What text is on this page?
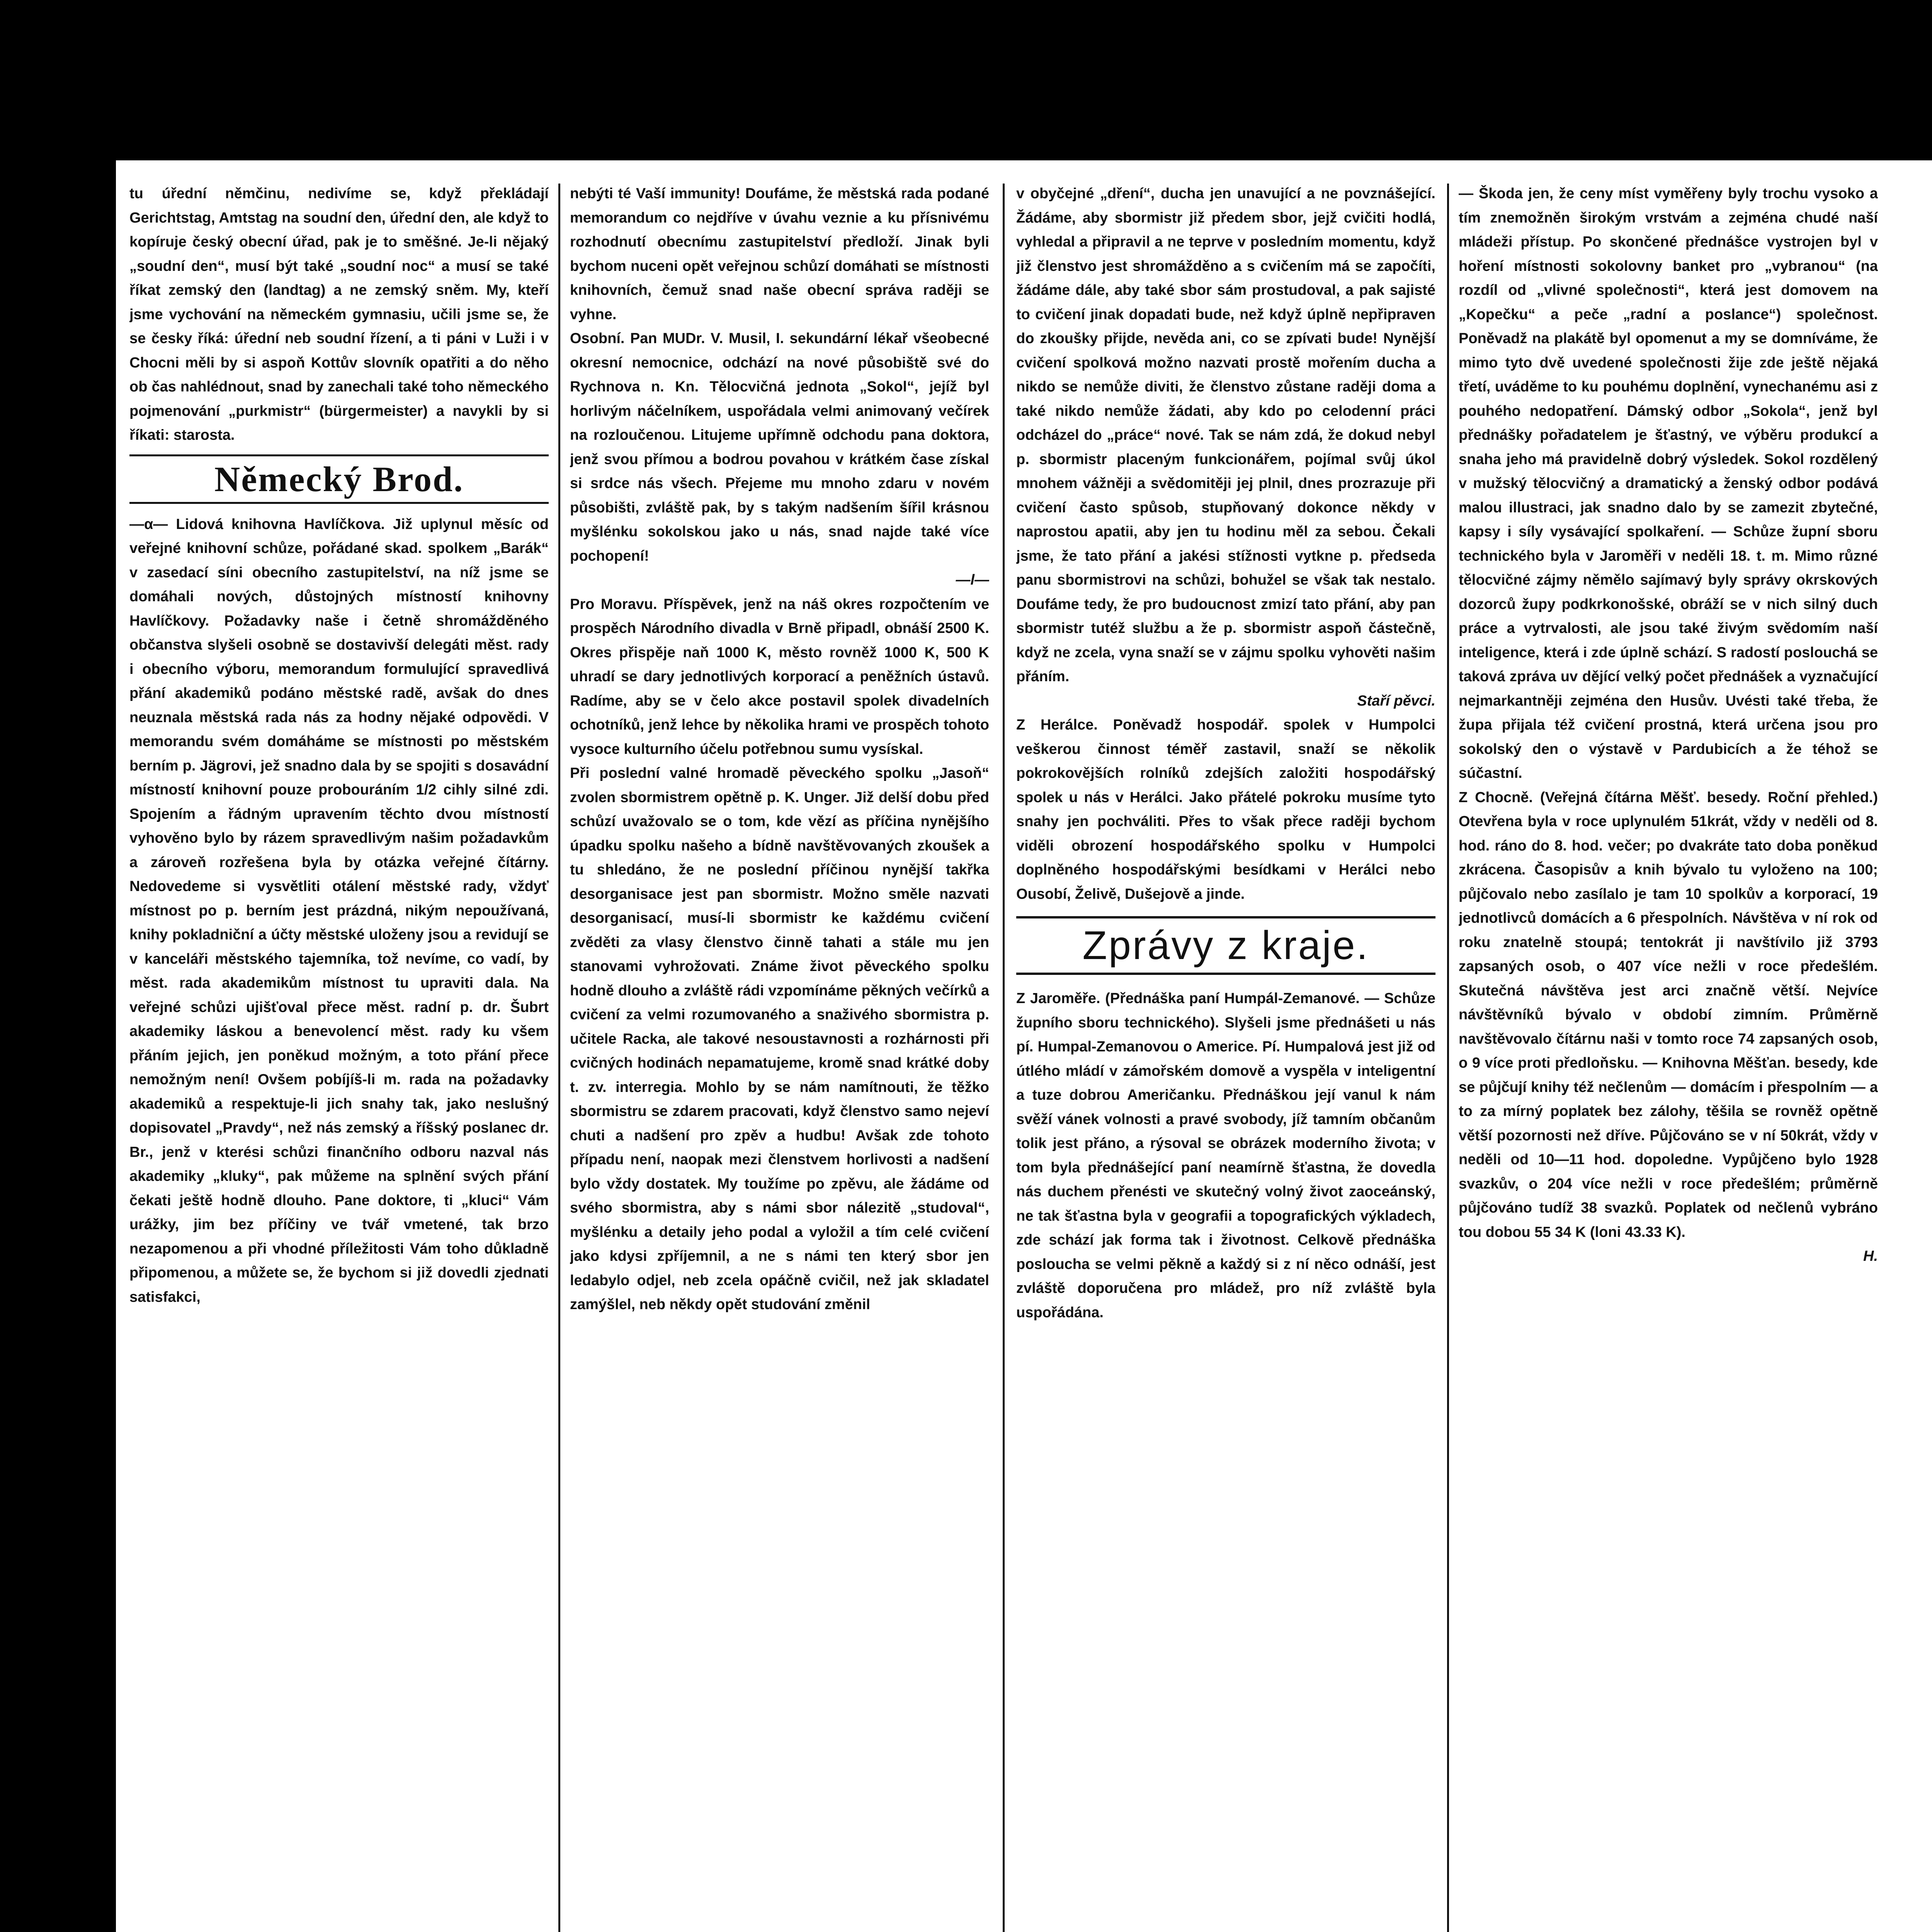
tu úřední němčinu, nedivíme se, když překládají Gerichtstag, Amtstag na soudní den, úřední den, ale když to kopíruje český obecní úřad, pak je to směšné. Je-li nějaký „soudní den“, musí být také „soudní noc“ a musí se také říkat zemský den (landtag) a ne zemský sněm. My, kteří jsme vychování na německém gymnasiu, učili jsme se, že se česky říká: úřední neb soudní řízení, a ti páni v Luži i v Chocni měli by si aspoň Kottův slovník opatřiti a do něho ob čas nahlédnout, snad by zanechali také toho německého pojmenování „purkmistr“ (bürgermeister) a navykli by si říkati: starosta.

Německý Brod.

—α— Lidová knihovna Havlíčkova. Již uplynul měsíc od veřejné knihovní schůze, pořádané skad. spolkem „Barák“ v zasedací síni obecního zastupitelství, na níž jsme se domáhali nových, důstojných místností knihovny Havlíčkovy. Požadavky naše i četně shromážděného občanstva slyšeli osobně se dostavivší delegáti měst. rady i obecního výboru, memorandum formulující spravedlivá přání akademiků podáno městské radě, avšak do dnes neuznala městská rada nás za hodny nějaké odpovědi. V memorandu svém domáháme se místnosti po městském berním p. Jägrovi, jež snadno dala by se spojiti s dosavádní místností knihovní pouze probouráním 1/2 cihly silné zdi. Spojením a řádným upravením těchto dvou místností vyhověno bylo by rázem spravedlivým našim požadavkům a zároveň rozřešena byla by otázka veřejné čítárny. Nedovedeme si vysvětliti otálení městské rady, vždyť místnost po p. berním jest prázdná, nikým nepoužívaná, knihy pokladniční a účty městské uloženy jsou a revidují se v kanceláři městského tajemníka, tož nevíme, co vadí, by měst. rada akademikům místnost tu upraviti dala. Na veřejné schůzi ujišťoval přece měst. radní p. dr. Šubrt akademiky láskou a benevolencí měst. rady ku všem přáním jejich, jen poněkud možným, a toto přání přece nemožným není! Ovšem pobíjíš-li m. rada na požadavky akademiků a respektuje-li jich snahy tak, jako neslušný dopisovatel „Pravdy“, než nás zemský a říšský poslanec dr. Br., jenž v kterési schůzi finančního odboru nazval nás akademiky „kluky“, pak můžeme na splnění svých přání čekati ještě hodně dlouho. Pane doktore, ti „kluci“ Vám urážky, jim bez příčiny ve tvář vmetené, tak brzo nezapomenou a při vhodné příležitosti Vám toho důkladně připomenou, a můžete se, že bychom si již dovedli zjednati satisfakci,

nebýti té Vaší immunity! Doufáme, že městská rada podané memorandum co nejdříve v úvahu veznie a ku přísnivému rozhodnutí obecnímu zastupitelství předloží. Jinak byli bychom nuceni opět veřejnou schůzí domáhati se místnosti knihovních, čemuž snad naše obecní správa raději se vyhne.

Osobní. Pan MUDr. V. Musil, I. sekundární lékař všeobecné okresní nemocnice, odchází na nové působiště své do Rychnova n. Kn. Tělocvičná jednota „Sokol“, jejíž byl horlivým náčelníkem, uspořádala velmi animovaný večírek na rozloučenou. Litujeme upřímně odchodu pana doktora, jenž svou přímou a bodrou povahou v krátkém čase získal si srdce nás všech. Přejeme mu mnoho zdaru v novém působišti, zvláště pak, by s takým nadšením šířil krásnou myšlénku sokolskou jako u nás, snad najde také více pochopení!

—l—

Pro Moravu. Příspěvek, jenž na náš okres rozpočtením ve prospěch Národního divadla v Brně připadl, obnáší 2500 K. Okres přispěje naň 1000 K, město rovněž 1000 K, 500 K uhradí se dary jednotlivých korporací a peněžních ústavů. Radíme, aby se v čelo akce postavil spolek divadelních ochotníků, jenž lehce by několika hrami ve prospěch tohoto vysoce kulturního účelu potřebnou sumu vysískal.

Při poslední valné hromadě pěveckého spolku „Jasoň“ zvolen sbormistrem opětně p. K. Unger. Již delší dobu před schůzí uvažovalo se o tom, kde vězí as příčina nynějšího úpadku spolku našeho a bídně navštěvovaných zkoušek a tu shledáno, že ne poslední příčinou nynější takřka desorganisace jest pan sbormistr. Možno směle nazvati desorganisací, musí-li sbormistr ke každému cvičení zvěděti za vlasy členstvo činně tahati a stále mu jen stanovami vyhrožovati. Známe život pěveckého spolku hodně dlouho a zvláště rádi vzpomínáme pěkných večírků a cvičení za velmi rozumovaného a snaživého sbormistra p. učitele Racka, ale takové nesoustavnosti a rozhárnosti při cvičných hodinách nepamatujeme, kromě snad krátké doby t. zv. interregia. Mohlo by se nám namítnouti, že těžko sbormistru se zdarem pracovati, když členstvo samo nejeví chuti a nadšení pro zpěv a hudbu! Avšak zde tohoto případu není, naopak mezi členstvem horlivosti a nadšení bylo vždy dostatek. My toužíme po zpěvu, ale žádáme od svého sbormistra, aby s námi sbor nálezitě „studoval“, myšlénku a detaily jeho podal a vyložil a tím celé cvičení jako kdysi zpříjemnil, a ne s námi ten který sbor jen ledabylo odjel, neb zcela opáčně cvičil, než jak skladatel zamýšlel, neb někdy opět studování změnil

v obyčejné „dření“, ducha jen unavující a ne povznášející. Žádáme, aby sbormistr již předem sbor, jejž cvičiti hodlá, vyhledal a připravil a ne teprve v posledním momentu, když již členstvo jest shromážděno a s cvičením má se započíti, žádáme dále, aby také sbor sám prostudoval, a pak sajisté to cvičení jinak dopadati bude, než když úplně nepřipraven do zkoušky přijde, nevěda ani, co se zpívati bude! Nynější cvičení spolková možno nazvati prostě mořením ducha a nikdo se nemůže diviti, že členstvo zůstane raději doma a také nikdo nemůže žádati, aby kdo po celodenní práci odcházel do „práce“ nové. Tak se nám zdá, že dokud nebyl p. sbormistr placeným funkcionářem, pojímal svůj úkol mnohem vážněji a svědomitěji jej plnil, dnes prozrazuje při cvičení často spůsob, stupňovaný dokonce někdy v naprostou apatii, aby jen tu hodinu měl za sebou. Čekali jsme, že tato přání a jakési stížnosti vytkne p. předseda panu sbormistrovi na schůzi, bohužel se však tak nestalo. Doufáme tedy, že pro budoucnost zmizí tato přání, aby pan sbormistr tutéž službu a že p. sbormistr aspoň částečně, když ne zcela, vyna snaží se v zájmu spolku vyhověti našim přáním.

Staří pěvci.

Z Herálce. Poněvadž hospodář. spolek v Humpolci veškerou činnost téměř zastavil, snaží se několik pokrokovějších rolníků zdejších založiti hospodářský spolek u nás v Herálci. Jako přátelé pokroku musíme tyto snahy jen pochváliti. Přes to však přece raději bychom viděli obrození hospodářského spolku v Humpolci doplněného hospodářskými besídkami v Herálci nebo Ousobí, Želivě, Dušejově a jinde.

Zprávy z kraje.

Z Jaroměře. (Přednáška paní Humpál-Zemanové. — Schůze župního sboru technického). Slyšeli jsme přednášeti u nás pí. Humpal-Zemanovou o Americe. Pí. Humpalová jest již od útlého mládí v zámořském domově a vyspěla v inteligentní a tuze dobrou Američanku. Přednáškou její vanul k nám svěží vánek volnosti a pravé svobody, jíž tamním občanům tolik jest přáno, a rýsoval se obrázek moderního života; v tom byla přednášející paní neamírně šťastna, že dovedla nás duchem přenésti ve skutečný volný život zaoceánský, ne tak šťastna byla v geografii a topografických výkladech, zde schází jak forma tak i životnost. Celkově přednáška posloucha se velmi pěkně a každý si z ní něco odnáší, jest zvláště doporučena pro mládež, pro níž zvláště byla uspořádána.

— Škoda jen, že ceny míst vyměřeny byly trochu vysoko a tím znemožněn širokým vrstvám a zejména chudé naší mládeži přístup. Po skončené přednášce vystrojen byl v hoření místnosti sokolovny banket pro „vybranou“ (na rozdíl od „vlivné společnosti“, která jest domovem na „Kopečku“ a peče „radní a poslance“) společnost. Poněvadž na plakátě byl opomenut a my se domníváme, že mimo tyto dvě uvedené společnosti žije zde ještě nějaká třetí, uváděme to ku pouhému doplnění, vynechanému asi z pouhého nedopatření. Dámský odbor „Sokola“, jenž byl přednášky pořadatelem je šťastný, ve výběru produkcí a snaha jeho má pravidelně dobrý výsledek. Sokol rozdělený v mužský tělocvičný a dramatický a ženský odbor podává malou illustraci, jak snadno dalo by se zamezit zbytečné, kapsy i síly vysávající spolkaření. — Schůze župní sboru technického byla v Jaroměři v neděli 18. t. m. Mimo různé tělocvičné zájmy němělo sajímavý byly správy okrskových dozorců župy podkrkonošské, obráží se v nich silný duch práce a vytrvalosti, ale jsou také živým svědomím naší inteligence, která i zde úplně schází. S radostí poslouchá se taková zpráva uv dějící velký počet přednášek a vyznačující nejmarkantněji zejména den Husův. Uvésti také třeba, že župa přijala též cvičení prostná, která určena jsou pro sokolský den o výstavě v Pardubicích a že téhož se súčastní.

Z Chocně. (Veřejná čítárna Měšť. besedy. Roční přehled.) Otevřena byla v roce uplynulém 51krát, vždy v neděli od 8. hod. ráno do 8. hod. večer; po dvakráte tato doba poněkud zkrácena. Časopisův a knih bývalo tu vyloženo na 100; půjčovalo nebo zasílalo je tam 10 spolkův a korporací, 19 jednotlivců domácích a 6 přespolních. Návštěva v ní rok od roku znatelně stoupá; tentokrát ji navštívilo již 3793 zapsaných osob, o 407 více nežli v roce předešlém. Skutečná návštěva jest arci značně větší. Nejvíce návštěvníků bývalo v období zimním. Průměrně navštěvovalo čítárnu naši v tomto roce 74 zapsaných osob, o 9 více proti předloňsku. — Knihovna Měšťan. besedy, kde se půjčují knihy též nečlenům — domácím i přespolním — a to za mírný poplatek bez zálohy, těšila se rovněž opětně větší pozornosti než dříve. Půjčováno se v ní 50krát, vždy v neděli od 10—11 hod. dopoledne. Vypůjčeno bylo 1928 svazkův, o 204 více nežli v roce předešlém; průměrně půjčováno tudíž 38 svazků. Poplatek od nečlenů vybráno tou dobou 55 34 K (loni 43.33 K).

H.
